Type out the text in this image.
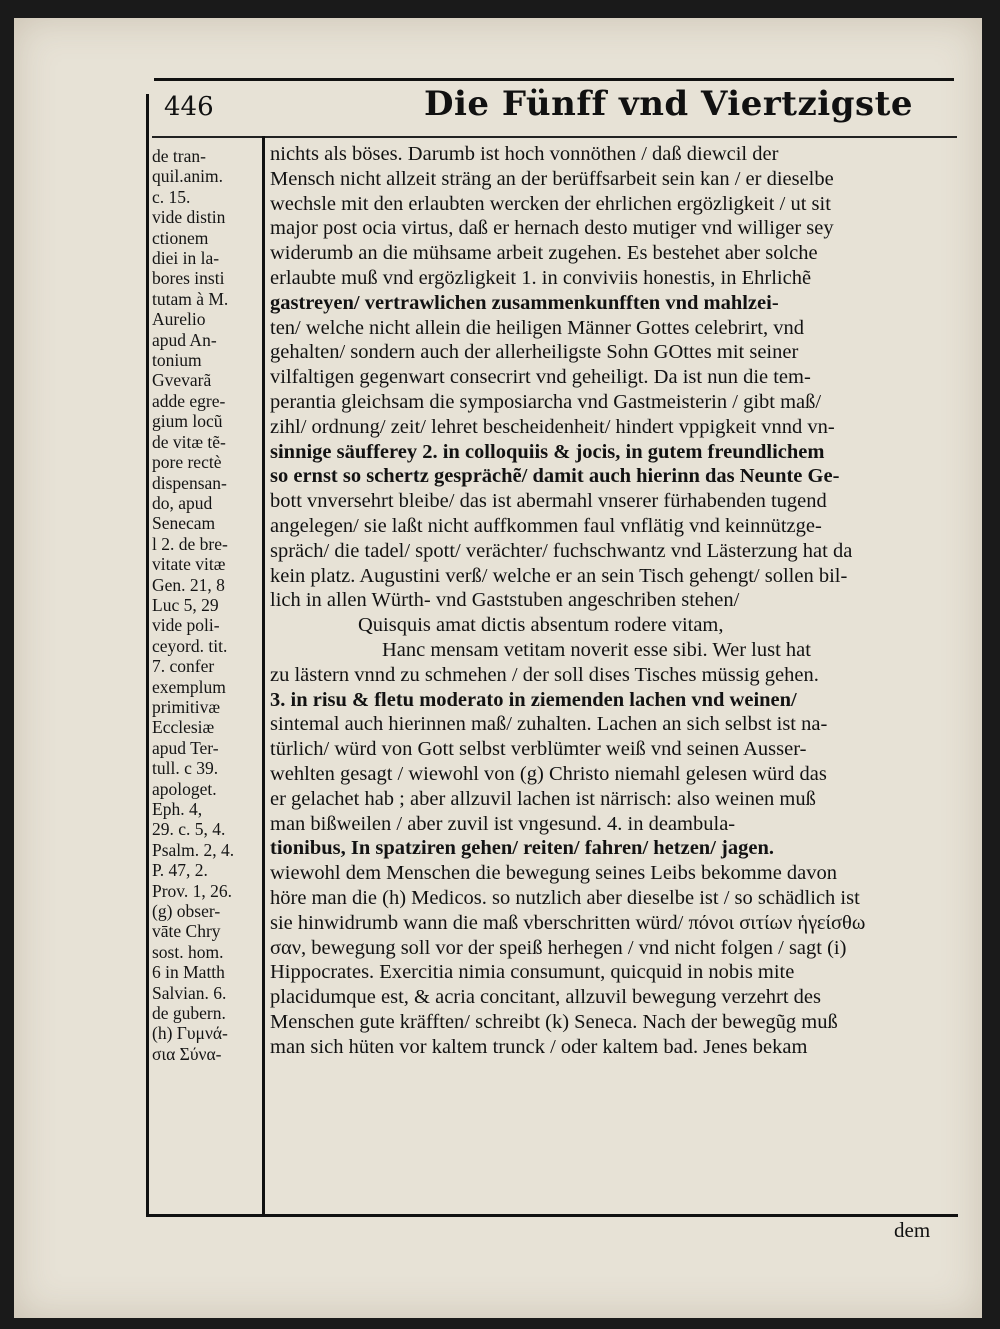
446	Die Fünff vnd Viertzigste
de tran-
quil.anim.
c. 15.
vide distin
ctionem
diei in la-
bores insti
tutam à M.
Aurelio
apud An-
tonium
Gvevarã
adde egre-
gium locũ
de vitæ tẽ-
pore rectè
dispensan-
do, apud
Senecam
l 2. de bre-
vitate vitæ
Gen. 21, 8
Luc 5, 29
vide poli-
ceyord. tit.
7. confer
exemplum
primitivæ
Ecclesiæ
apud Ter-
tull. c 39.
apologet.
Eph. 4,
29. c. 5, 4.
Psalm. 2, 4.
P. 47, 2.
Prov. 1, 26.
(g) obser-
vāte Chry
sost. hom.
6 in Matth
Salvian. 6.
de gubern.
(h) Γυμνά-
σια Σύνα-
nichts als böses. Darumb ist hoch vonnöthen / daß diewcil der
Mensch nicht allzeit sträng an der berüffsarbeit sein kan / er dieselbe
wechsle mit den erlaubten wercken der ehrlichen ergözligkeit / ut sit
major post ocia virtus, daß er hernach desto mutiger vnd williger sey
widerumb an die mühsame arbeit zugehen. Es bestehet aber solche
erlaubte muß vnd ergözligkeit 1. in conviviis honestis, in Ehrlichẽ
gastreyen/ vertrawlichen zusammenkunfften vnd mahlzei-
ten/ welche nicht allein die heiligen Männer Gottes celebrirt, vnd
gehalten/ sondern auch der allerheiligste Sohn GOttes mit seiner
vilfaltigen gegenwart consecrirt vnd geheiligt. Da ist nun die tem-
perantia gleichsam die symposiarcha vnd Gastmeisterin / gibt maß/
zihl/ ordnung/ zeit/ lehret bescheidenheit/ hindert vppigkeit vnnd vn-
sinnige säufferey 2. in colloquiis & jocis, in gutem freundlichem
so ernst so schertz gesprächẽ/ damit auch hierinn das Neunte Ge-
bott vnversehrt bleibe/ das ist abermahl vnserer fürhabenden tugend
angelegen/ sie laßt nicht auffkommen faul vnflätig vnd keinnützge-
spräch/ die tadel/ spott/ verächter/ fuchschwantz vnd Lästerzung hat da
kein platz. Augustini verß/ welche er an sein Tisch gehengt/ sollen bil-
lich in allen Würth- vnd Gaststuben angeschriben stehen/
Quisquis amat dictis absentum rodere vitam,
Hanc mensam vetitam noverit esse sibi. Wer lust hat
zu lästern vnnd zu schmehen / der soll dises Tisches müssig gehen.
3. in risu & fletu moderato in ziemenden lachen vnd weinen/
sintemal auch hierinnen maß/ zuhalten. Lachen an sich selbst ist na-
türlich/ würd von Gott selbst verblümter weiß vnd seinen Ausser-
wehlten gesagt / wiewohl von (g) Christo niemahl gelesen würd das
er gelachet hab ; aber allzuvil lachen ist närrisch: also weinen muß
man bißweilen / aber zuvil ist vngesund. 4. in deambula-
tionibus, In spatziren gehen/ reiten/ fahren/ hetzen/ jagen.
wiewohl dem Menschen die bewegung seines Leibs bekomme davon
höre man die (h) Medicos. so nutzlich aber dieselbe ist / so schädlich ist
sie hinwidrumb wann die maß vberschritten würd/ πόνοι σιτίων ἡγείσθω
σαν, bewegung soll vor der speiß herhegen / vnd nicht folgen / sagt (i)
Hippocrates. Exercitia nimia consumunt, quicquid in nobis mite
placidumque est, & acria concitant, allzuvil bewegung verzehrt des
Menschen gute kräfften/ schreibt (k) Seneca. Nach der bewegũg muß
man sich hüten vor kaltem trunck / oder kaltem bad. Jenes bekam
dem
